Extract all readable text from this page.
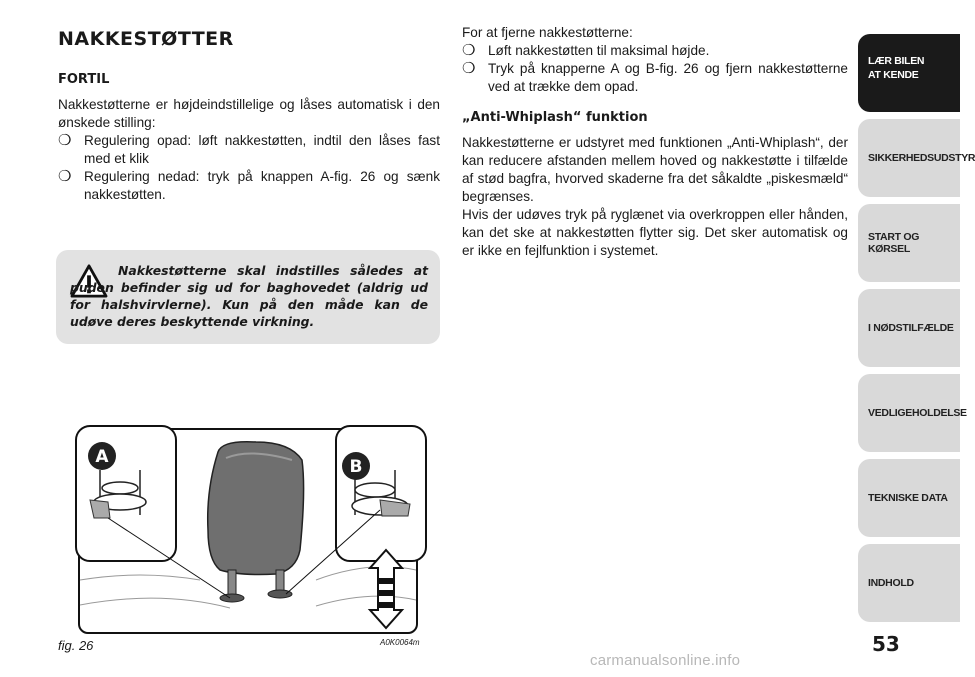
NAKKESTØTTER
FORTIL

Nakkestøtterne er højdeindstillelige og låses automatisk i den ønskede stilling:

❍ Regulering opad: løft nakkestøtten, indtil den låses fast med et klik
❍ Regulering nedad: tryk på knappen A-fig. 26 og sænk nakkestøtten.
Nakkestøtterne skal indstilles således at puden befinder sig ud for baghovedet (aldrig ud for halshvirvlerne). Kun på den måde kan de udøve deres beskyttende virkning.
A	B
fig. 26	A0K0064m

For at fjerne nakkestøtterne:

❍ Løft nakkestøtten til maksimal højde.
❍ Tryk på knapperne A og B-fig. 26 og fjern nakkestøtterne ved at trække dem opad.
„Anti-Whiplash“ funktion

Nakkestøtterne er udstyret med funktionen „Anti-Whiplash“, der kan reducere afstanden mellem hoved og nakkestøtte i tilfælde af stød bagfra, hvorved skaderne fra det såkaldte „piskesmæld“ begrænses.
Hvis der udøves tryk på ryglænet via overkroppen eller hånden, kan det ske at nakkestøtten flytter sig. Det sker automatisk og er ikke en fejlfunktion i systemet.

LÆR BILEN AT KENDE
SIKKERHEDSUDSTYR
START OG KØRSEL
I NØDSTILFÆLDE
VEDLIGEHOLDELSE
TEKNISKE DATA
INDHOLD
53
carmanualsonline.info
